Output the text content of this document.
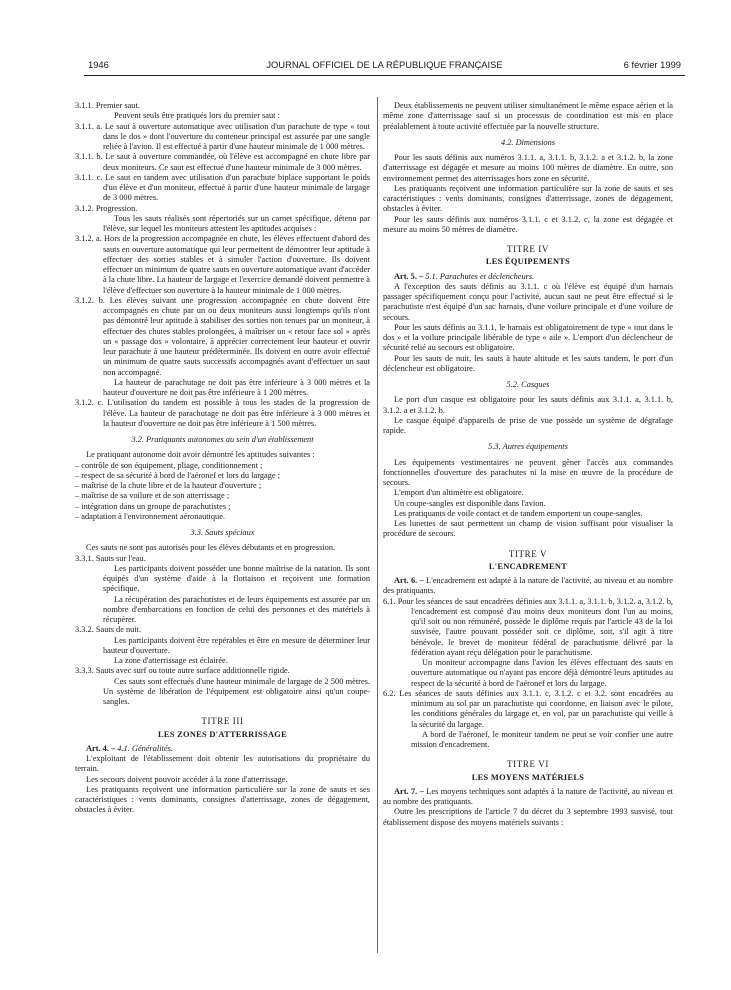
1946	JOURNAL OFFICIEL DE LA RÉPUBLIQUE FRANÇAISE	6 février 1999

3.1.1. Premier saut.

Peuvent seuls être pratiqués lors du premier saut :

3.1.1. a. Le saut à ouverture automatique avec utilisation d'un parachute de type « tout dans le dos » dont l'ouverture du conteneur principal est assurée par une sangle reliée à l'avion. Il est effectué à partir d'une hauteur minimale de 1 000 mètres.

3.1.1. b. Le saut à ouverture commandée, où l'élève est accompagné en chute libre par deux moniteurs. Ce saut est effectué d'une hauteur minimale de 3 000 mètres.

3.1.1. c. Le saut en tandem avec utilisation d'un parachute biplace supportant le poids d'un élève et d'un moniteur, effectué à partir d'une hauteur minimale de largage de 3 000 mètres.

3.1.2. Progression.

Tous les sauts réalisés sont répertoriés sur un carnet spécifique, détenu par l'élève, sur lequel les moniteurs attestent les aptitudes acquises :

3.1.2. a. Hors de la progression accompagnée en chute, les élèves effectuent d'abord des sauts en ouverture automatique qui leur permettent de démontrer leur aptitude à effectuer des sorties stables et à simuler l'action d'ouverture. Ils doivent effectuer un minimum de quatre sauts en ouverture automatique avant d'accéder à la chute libre. La hauteur de largage et l'exercice demandé doivent permettre à l'élève d'effectuer son ouverture à la hauteur minimale de 1 000 mètres.

3.1.2. b. Les élèves suivant une progression accompagnée en chute doivent être accompagnés en chute par un ou deux moniteurs aussi longtemps qu'ils n'ont pas démontré leur aptitude à stabiliser des sorties non tenues par un moniteur, à effectuer des chutes stables prolongées, à maîtriser un « retour face sol » après un « passage dos » volontaire, à apprécier correctement leur hauteur et ouvrir leur parachute à une hauteur prédéterminée. Ils doivent en outre avoir effectué un minimum de quatre sauts successifs accompagnés avant d'effectuer un saut non accompagné.

La hauteur de parachutage ne doit pas être inférieure à 3 000 mètres et la hauteur d'ouverture ne doit pas être inférieure à 1 200 mètres.

3.1.2. c. L'utilisation du tandem est possible à tous les stades de la progression de l'élève. La hauteur de parachutage ne doit pas être inférieure à 3 000 mètres et la hauteur d'ouverture ne doit pas être inférieure à 1 500 mètres.

3.2. Pratiquants autonomes au sein d'un établissement

Le pratiquant autonome doit avoir démontré les aptitudes suivantes :

– contrôle de son équipement, pliage, conditionnement ;
– respect de sa sécurité à bord de l'aéronef et lors du largage ;
– maîtrise de la chute libre et de la hauteur d'ouverture ;
– maîtrise de sa voilure et de son atterrissage ;
– intégration dans un groupe de parachutistes ;
– adaptation à l'environnement aéronautique.

3.3. Sauts spéciaux

Ces sauts ne sont pas autorisés pour les élèves débutants et en progression.

3.3.1. Sauts sur l'eau.

Les participants doivent posséder une bonne maîtrise de la natation. Ils sont équipés d'un système d'aide à la flottaison et reçoivent une formation spécifique.

La récupération des parachutistes et de leurs équipements est assurée par un nombre d'embarcations en fonction de celui des personnes et des matériels à récupérer.

3.3.2. Sauts de nuit.

Les participants doivent être repérables et être en mesure de déterminer leur hauteur d'ouverture.

La zone d'atterrissage est éclairée.

3.3.3. Sauts avec surf ou toute autre surface additionnelle rigide.

Ces sauts sont effectués d'une hauteur minimale de largage de 2 500 mètres. Un système de libération de l'équipement est obligatoire ainsi qu'un coupe-sangles.

TITRE III

LES ZONES D'ATTERRISSAGE

Art. 4. – 4.1. Généralités.

L'exploitant de l'établissement doit obtenir les autorisations du propriétaire du terrain.

Les secours doivent pouvoir accéder à la zone d'atterrissage.

Les pratiquants reçoivent une information particulière sur la zone de sauts et ses caractéristiques : vents dominants, consignes d'atterrissage, zones de dégagement, obstacles à éviter.

Deux établissements ne peuvent utiliser simultanément le même espace aérien et la même zone d'atterrissage sauf si un processus de coordination est mis en place préalablement à toute activité effectuée par la nouvelle structure.

4.2. Dimensions

Pour les sauts définis aux numéros 3.1.1. a, 3.1.1. b, 3.1.2. a et 3.1.2. b, la zone d'atterrissage est dégagée et mesure au moins 100 mètres de diamètre. En outre, son environnement permet des atterrissages hors zone en sécurité.

Les pratiquants reçoivent une information particulière sur la zone de sauts et ses caractéristiques : vents dominants, consignes d'atterrissage, zones de dégagement, obstacles à éviter.

Pour les sauts définis aux numéros 3.1.1. c et 3.1.2. c, la zone est dégagée et mesure au moins 50 mètres de diamètre.

TITRE IV

LES ÉQUIPEMENTS

Art. 5. – 5.1. Parachutes et déclencheurs.

A l'exception des sauts définis au 3.1.1. c où l'élève est équipé d'un harnais passager spécifiquement conçu pour l'activité, aucun saut ne peut être effectué si le parachutiste n'est équipé d'un sac harnais, d'une voilure principale et d'une voilure de secours.

Pour les sauts définis au 3.1.1, le harnais est obligatoirement de type « tout dans le dos » et la voilure principale libérable de type « aile ». L'emport d'un déclencheur de sécurité relié au secours est obligatoire.

Pour les sauts de nuit, les sauts à haute altitude et les sauts tandem, le port d'un déclencheur est obligatoire.

5.2. Casques

Le port d'un casque est obligatoire pour les sauts définis aux 3.1.1. a, 3.1.1. b, 3.1.2. a et 3.1.2. b.

Le casque équipé d'appareils de prise de vue possède un système de dégrafage rapide.

5.3. Autres équipements

Les équipements vestimentaires ne peuvent gêner l'accès aux commandes fonctionnelles d'ouverture des parachutes ni la mise en œuvre de la procédure de secours.

L'emport d'un altimètre est obligatoire.

Un coupe-sangles est disponible dans l'avion.

Les pratiquants de voile contact et de tandem emportent un coupe-sangles.

Les lunettes de saut permettent un champ de vision suffisant pour visualiser la procédure de secours.

TITRE V

L'ENCADREMENT

Art. 6. – L'encadrement est adapté à la nature de l'activité, au niveau et au nombre des pratiquants.

6.1. Pour les séances de saut encadrées définies aux 3.1.1. a, 3.1.1. b, 3.1.2. a, 3.1.2. b, l'encadrement est composé d'au moins deux moniteurs dont l'un au moins, qu'il soit ou non rémunéré, possède le diplôme requis par l'article 43 de la loi susvisée, l'autre pouvant posséder soit ce diplôme, soit, s'il agit à titre bénévole, le brevet de moniteur fédéral de parachutisme délivré par la fédération ayant reçu délégation pour le parachutisme.

Un moniteur accompagne dans l'avion les élèves effectuant des sauts en ouverture automatique ou n'ayant pas encore déjà démontré leurs aptitudes au respect de la sécurité à bord de l'aéronef et lors du largage.

6.2. Les séances de sauts définies aux 3.1.1. c, 3.1.2. c et 3.2. sont encadrées au minimum au sol par un parachutiste qui coordonne, en liaison avec le pilote, les conditions générales du largage et, en vol, par un parachutiste qui veille à la sécurité du largage.

A bord de l'aéronef, le moniteur tandem ne peut se voir confier une autre mission d'encadrement.

TITRE VI

LES MOYENS MATÉRIELS

Art. 7. – Les moyens techniques sont adaptés à la nature de l'activité, au niveau et au nombre des pratiquants.

Outre les prescriptions de l'article 7 du décret du 3 septembre 1993 susvisé, tout établissement dispose des moyens matériels suivants :
